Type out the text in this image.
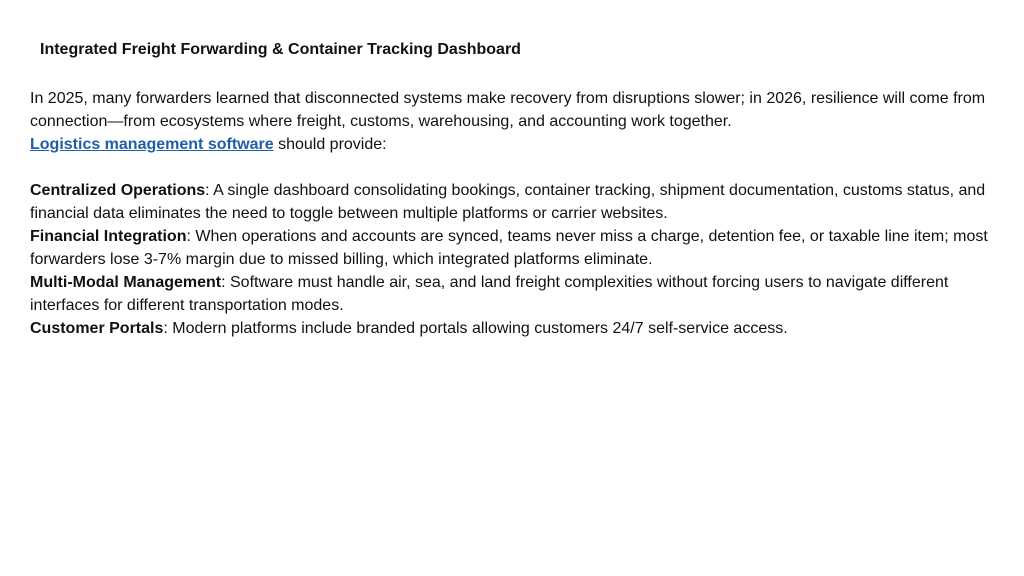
Integrated Freight Forwarding & Container Tracking Dashboard

In 2025, many forwarders learned that disconnected systems make recovery from disruptions slower; in 2026, resilience will come from connection—from ecosystems where freight, customs, warehousing, and accounting work together.
Logistics management software should provide:

Centralized Operations: A single dashboard consolidating bookings, container tracking, shipment documentation, customs status, and financial data eliminates the need to toggle between multiple platforms or carrier websites.

Financial Integration: When operations and accounts are synced, teams never miss a charge, detention fee, or taxable line item; most forwarders lose 3-7% margin due to missed billing, which integrated platforms eliminate.

Multi-Modal Management: Software must handle air, sea, and land freight complexities without forcing users to navigate different interfaces for different transportation modes.

Customer Portals: Modern platforms include branded portals allowing customers 24/7 self-service access.
